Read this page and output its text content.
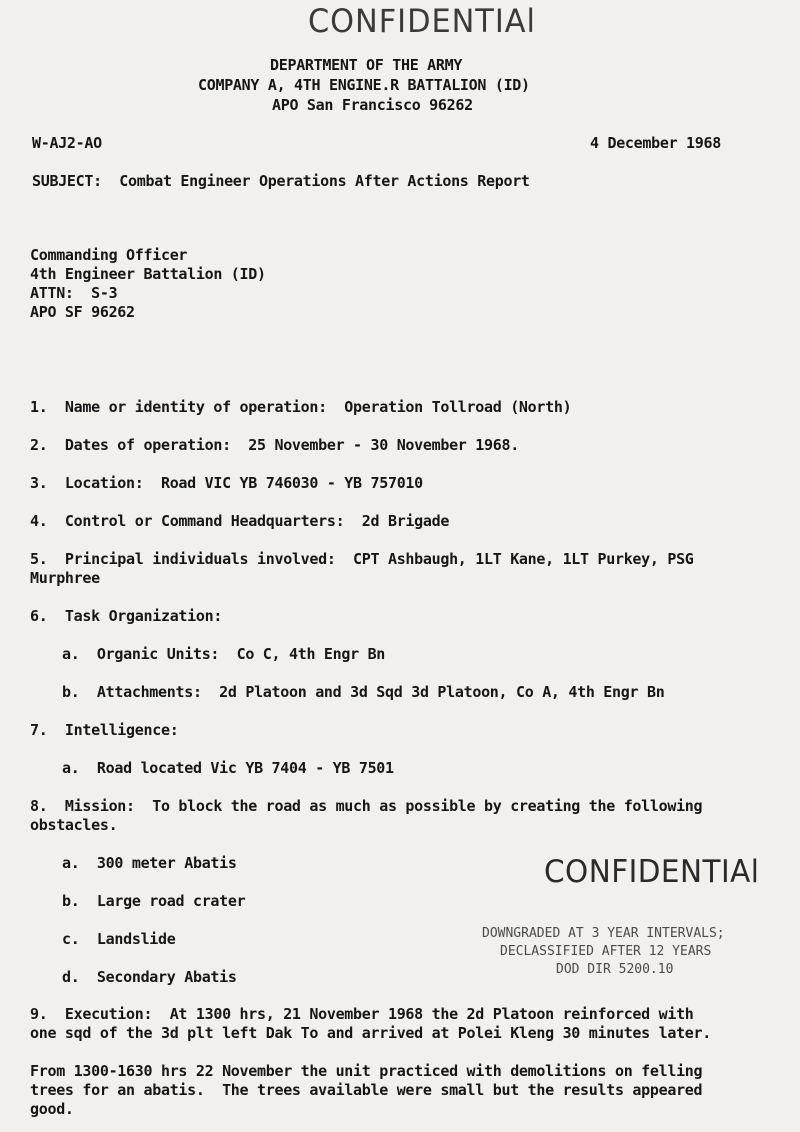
CONFIDENTIAl
DEPARTMENT OF THE ARMY
COMPANY A, 4TH ENGINE.R BATTALION (ID)
APO San Francisco 96262
W-AJ2-AO	4 December 1968
SUBJECT:  Combat Engineer Operations After Actions Report
Commanding Officer
4th Engineer Battalion (ID)
ATTN:  S-3
APO SF 96262
1.  Name or identity of operation:  Operation Tollroad (North)
2.  Dates of operation:  25 November - 30 November 1968.
3.  Location:  Road VIC YB 746030 - YB 757010
4.  Control or Command Headquarters:  2d Brigade
5.  Principal individuals involved:  CPT Ashbaugh, 1LT Kane, 1LT Purkey, PSG
Murphree
6.  Task Organization:
a.  Organic Units:  Co C, 4th Engr Bn
b.  Attachments:  2d Platoon and 3d Sqd 3d Platoon, Co A, 4th Engr Bn
7.  Intelligence:
a.  Road located Vic YB 7404 - YB 7501
8.  Mission:  To block the road as much as possible by creating the following
obstacles.
a.  300 meter Abatis
b.  Large road crater
c.  Landslide
d.  Secondary Abatis
CONFIDENTIAl
DOWNGRADED AT 3 YEAR INTERVALS;
DECLASSIFIED AFTER 12 YEARS
DOD DIR 5200.10
9.  Execution:  At 1300 hrs, 21 November 1968 the 2d Platoon reinforced with
one sqd of the 3d plt left Dak To and arrived at Polei Kleng 30 minutes later.
From 1300-1630 hrs 22 November the unit practiced with demolitions on felling
trees for an abatis.  The trees available were small but the results appeared
good.
